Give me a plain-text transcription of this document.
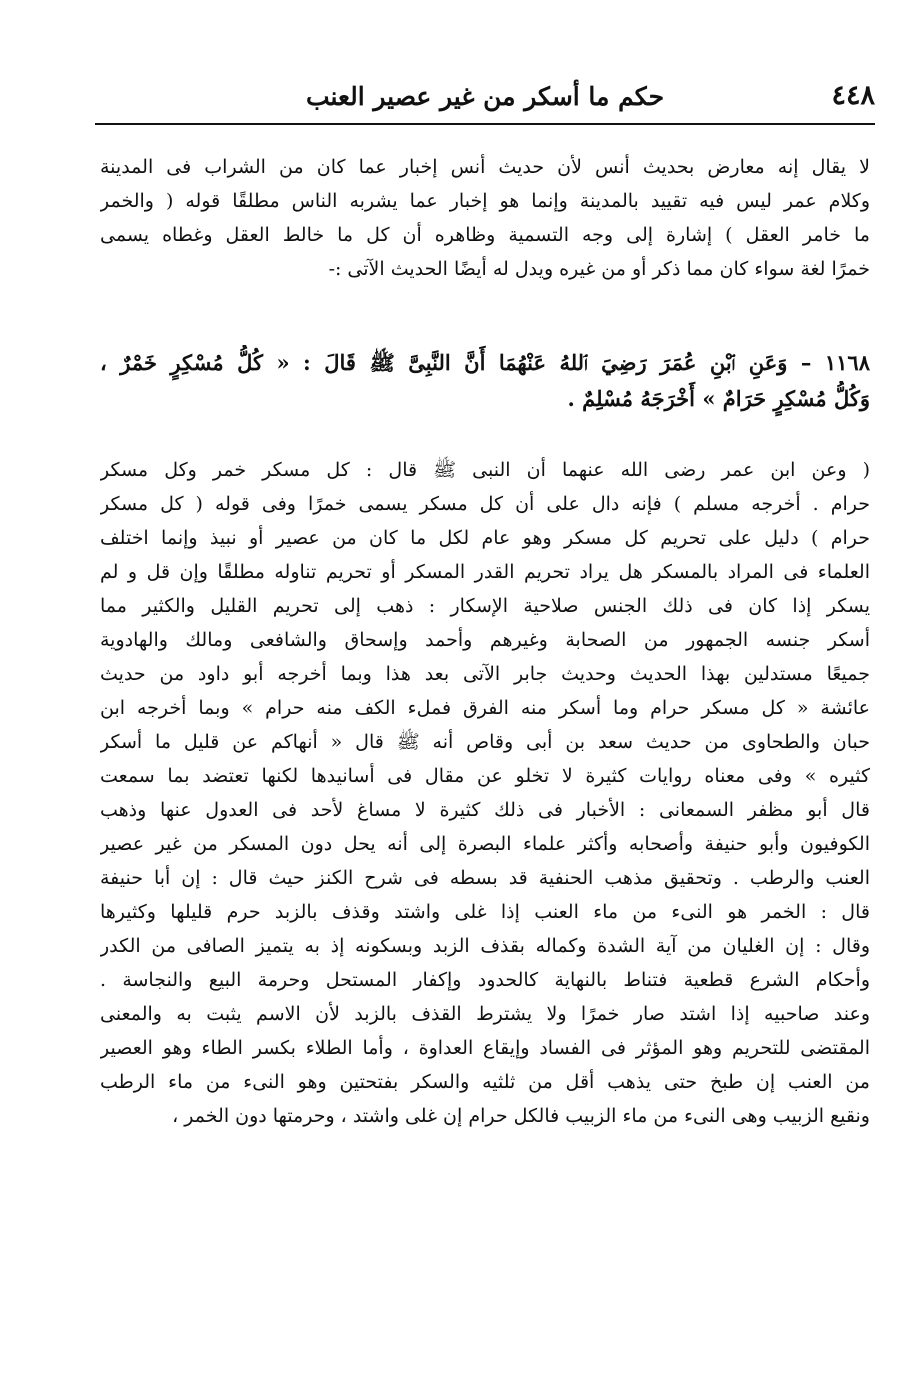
٤٤٨
حكم ما أسكر من غير عصير العنب
لا يقال إنه معارض بحديث أنس لأن حديث أنس إخبار عما كان من الشراب فى المدينة
وكلام عمر ليس فيه تقييد بالمدينة وإنما هو إخبار عما يشربه الناس مطلقًا قوله ( والخمر
ما خامر العقل ) إشارة إلى وجه التسمية وظاهره أن كل ما خالط العقل وغطاه يسمى
خمرًا لغة سواء كان مما ذكر أو من غيره ويدل له أيضًا الحديث الآتى :-
١١٦٨ – وَعَنِ ٱبْنِ عُمَرَ رَضِيَ ٱللهُ عَنْهُمَا أَنَّ النَّبِىَّ ﷺ قَالَ : « كُلُّ مُسْكِرٍ خَمْرٌ ،
وَكُلُّ مُسْكِرٍ حَرَامٌ » أَخْرَجَهُ مُسْلِمٌ .
( وعن ابن عمر رضى الله عنهما أن النبى ﷺ قال : كل مسكر خمر وكل مسكر
حرام . أخرجه مسلم ) فإنه دال على أن كل مسكر يسمى خمرًا وفى قوله ( كل مسكر
حرام ) دليل على تحريم كل مسكر وهو عام لكل ما كان من عصير أو نبيذ وإنما اختلف
العلماء فى المراد بالمسكر هل يراد تحريم القدر المسكر أو تحريم تناوله مطلقًا وإن قل و لم
يسكر إذا كان فى ذلك الجنس صلاحية الإسكار : ذهب إلى تحريم القليل والكثير مما
أسكر جنسه الجمهور من الصحابة وغيرهم وأحمد وإسحاق والشافعى ومالك والهادوية
جميعًا مستدلين بهذا الحديث وحديث جابر الآتى بعد هذا وبما أخرجه أبو داود من حديث
عائشة « كل مسكر حرام وما أسكر منه الفرق فملء الكف منه حرام » وبما أخرجه ابن
حبان والطحاوى من حديث سعد بن أبى وقاص أنه ﷺ قال « أنهاكم عن قليل ما أسكر
كثيره » وفى معناه روايات كثيرة لا تخلو عن مقال فى أسانيدها لكنها تعتضد بما سمعت
قال أبو مظفر السمعانى : الأخبار فى ذلك كثيرة لا مساغ لأحد فى العدول عنها وذهب
الكوفيون وأبو حنيفة وأصحابه وأكثر علماء البصرة إلى أنه يحل دون المسكر من غير عصير
العنب والرطب . وتحقيق مذهب الحنفية قد بسطه فى شرح الكنز حيث قال : إن أبا حنيفة
قال : الخمر هو النىء من ماء العنب إذا غلى واشتد وقذف بالزبد حرم قليلها وكثيرها
وقال : إن الغليان من آية الشدة وكماله بقذف الزبد وبسكونه إذ به يتميز الصافى من الكدر
وأحكام الشرع قطعية فتناط بالنهاية كالحدود وإكفار المستحل وحرمة البيع والنجاسة .
وعند صاحبيه إذا اشتد صار خمرًا ولا يشترط القذف بالزبد لأن الاسم يثبت به والمعنى
المقتضى للتحريم وهو المؤثر فى الفساد وإيقاع العداوة ، وأما الطلاء بكسر الطاء وهو العصير
من العنب إن طبخ حتى يذهب أقل من ثلثيه والسكر بفتحتين وهو النىء من ماء الرطب
ونقيع الزبيب وهى النىء من ماء الزبيب فالكل حرام إن غلى واشتد ، وحرمتها دون الخمر ،
